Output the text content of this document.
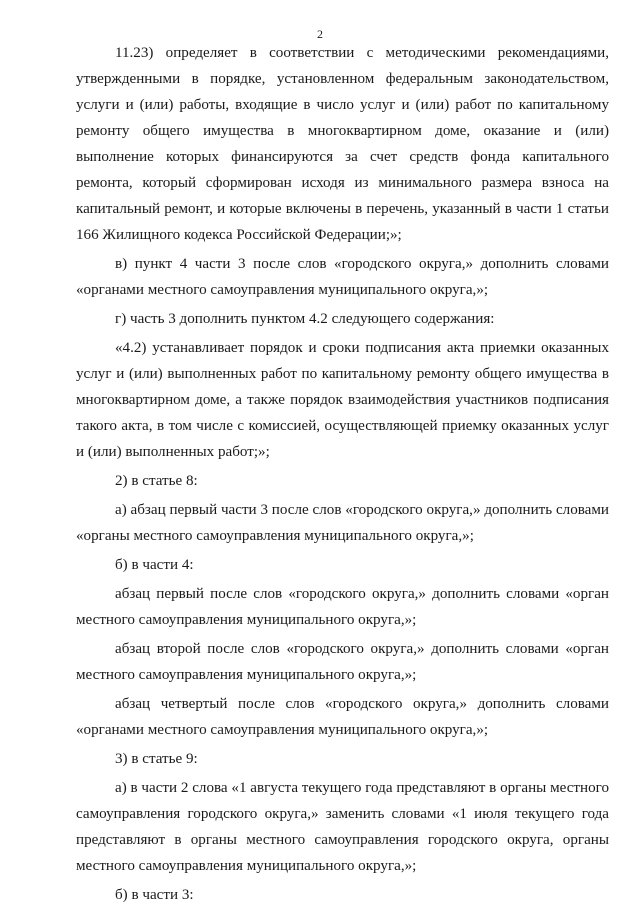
2

11.23) определяет в соответствии с методическими рекомендациями, утвержденными в порядке, установленном федеральным законодательством, услуги и (или) работы, входящие в число услуг и (или) работ по капитальному ремонту общего имущества в многоквартирном доме, оказание и (или) выполнение которых финансируются за счет средств фонда капитального ремонта, который сформирован исходя из минимального размера взноса на капитальный ремонт, и которые включены в перечень, указанный в части 1 статьи 166 Жилищного кодекса Российской Федерации;»;

в) пункт 4 части 3 после слов «городского округа,» дополнить словами «органами местного самоуправления муниципального округа,»;

г) часть 3 дополнить пунктом 4.2 следующего содержания:

«4.2) устанавливает порядок и сроки подписания акта приемки оказанных услуг и (или) выполненных работ по капитальному ремонту общего имущества в многоквартирном доме, а также порядок взаимодействия участников подписания такого акта, в том числе с комиссией, осуществляющей приемку оказанных услуг и (или) выполненных работ;»;

2) в статье 8:

а) абзац первый части 3 после слов «городского округа,» дополнить словами «органы местного самоуправления муниципального округа,»;

б) в части 4:

абзац первый после слов «городского округа,» дополнить словами «орган местного самоуправления муниципального округа,»;

абзац второй после слов «городского округа,» дополнить словами «орган местного самоуправления муниципального округа,»;

абзац четвертый после слов «городского округа,» дополнить словами «органами местного самоуправления муниципального округа,»;

3) в статье 9:

а) в части 2 слова «1 августа текущего года представляют в органы местного самоуправления городского округа,» заменить словами «1 июля текущего года представляют в органы местного самоуправления городского округа, органы местного самоуправления муниципального округа,»;

б) в части 3:
